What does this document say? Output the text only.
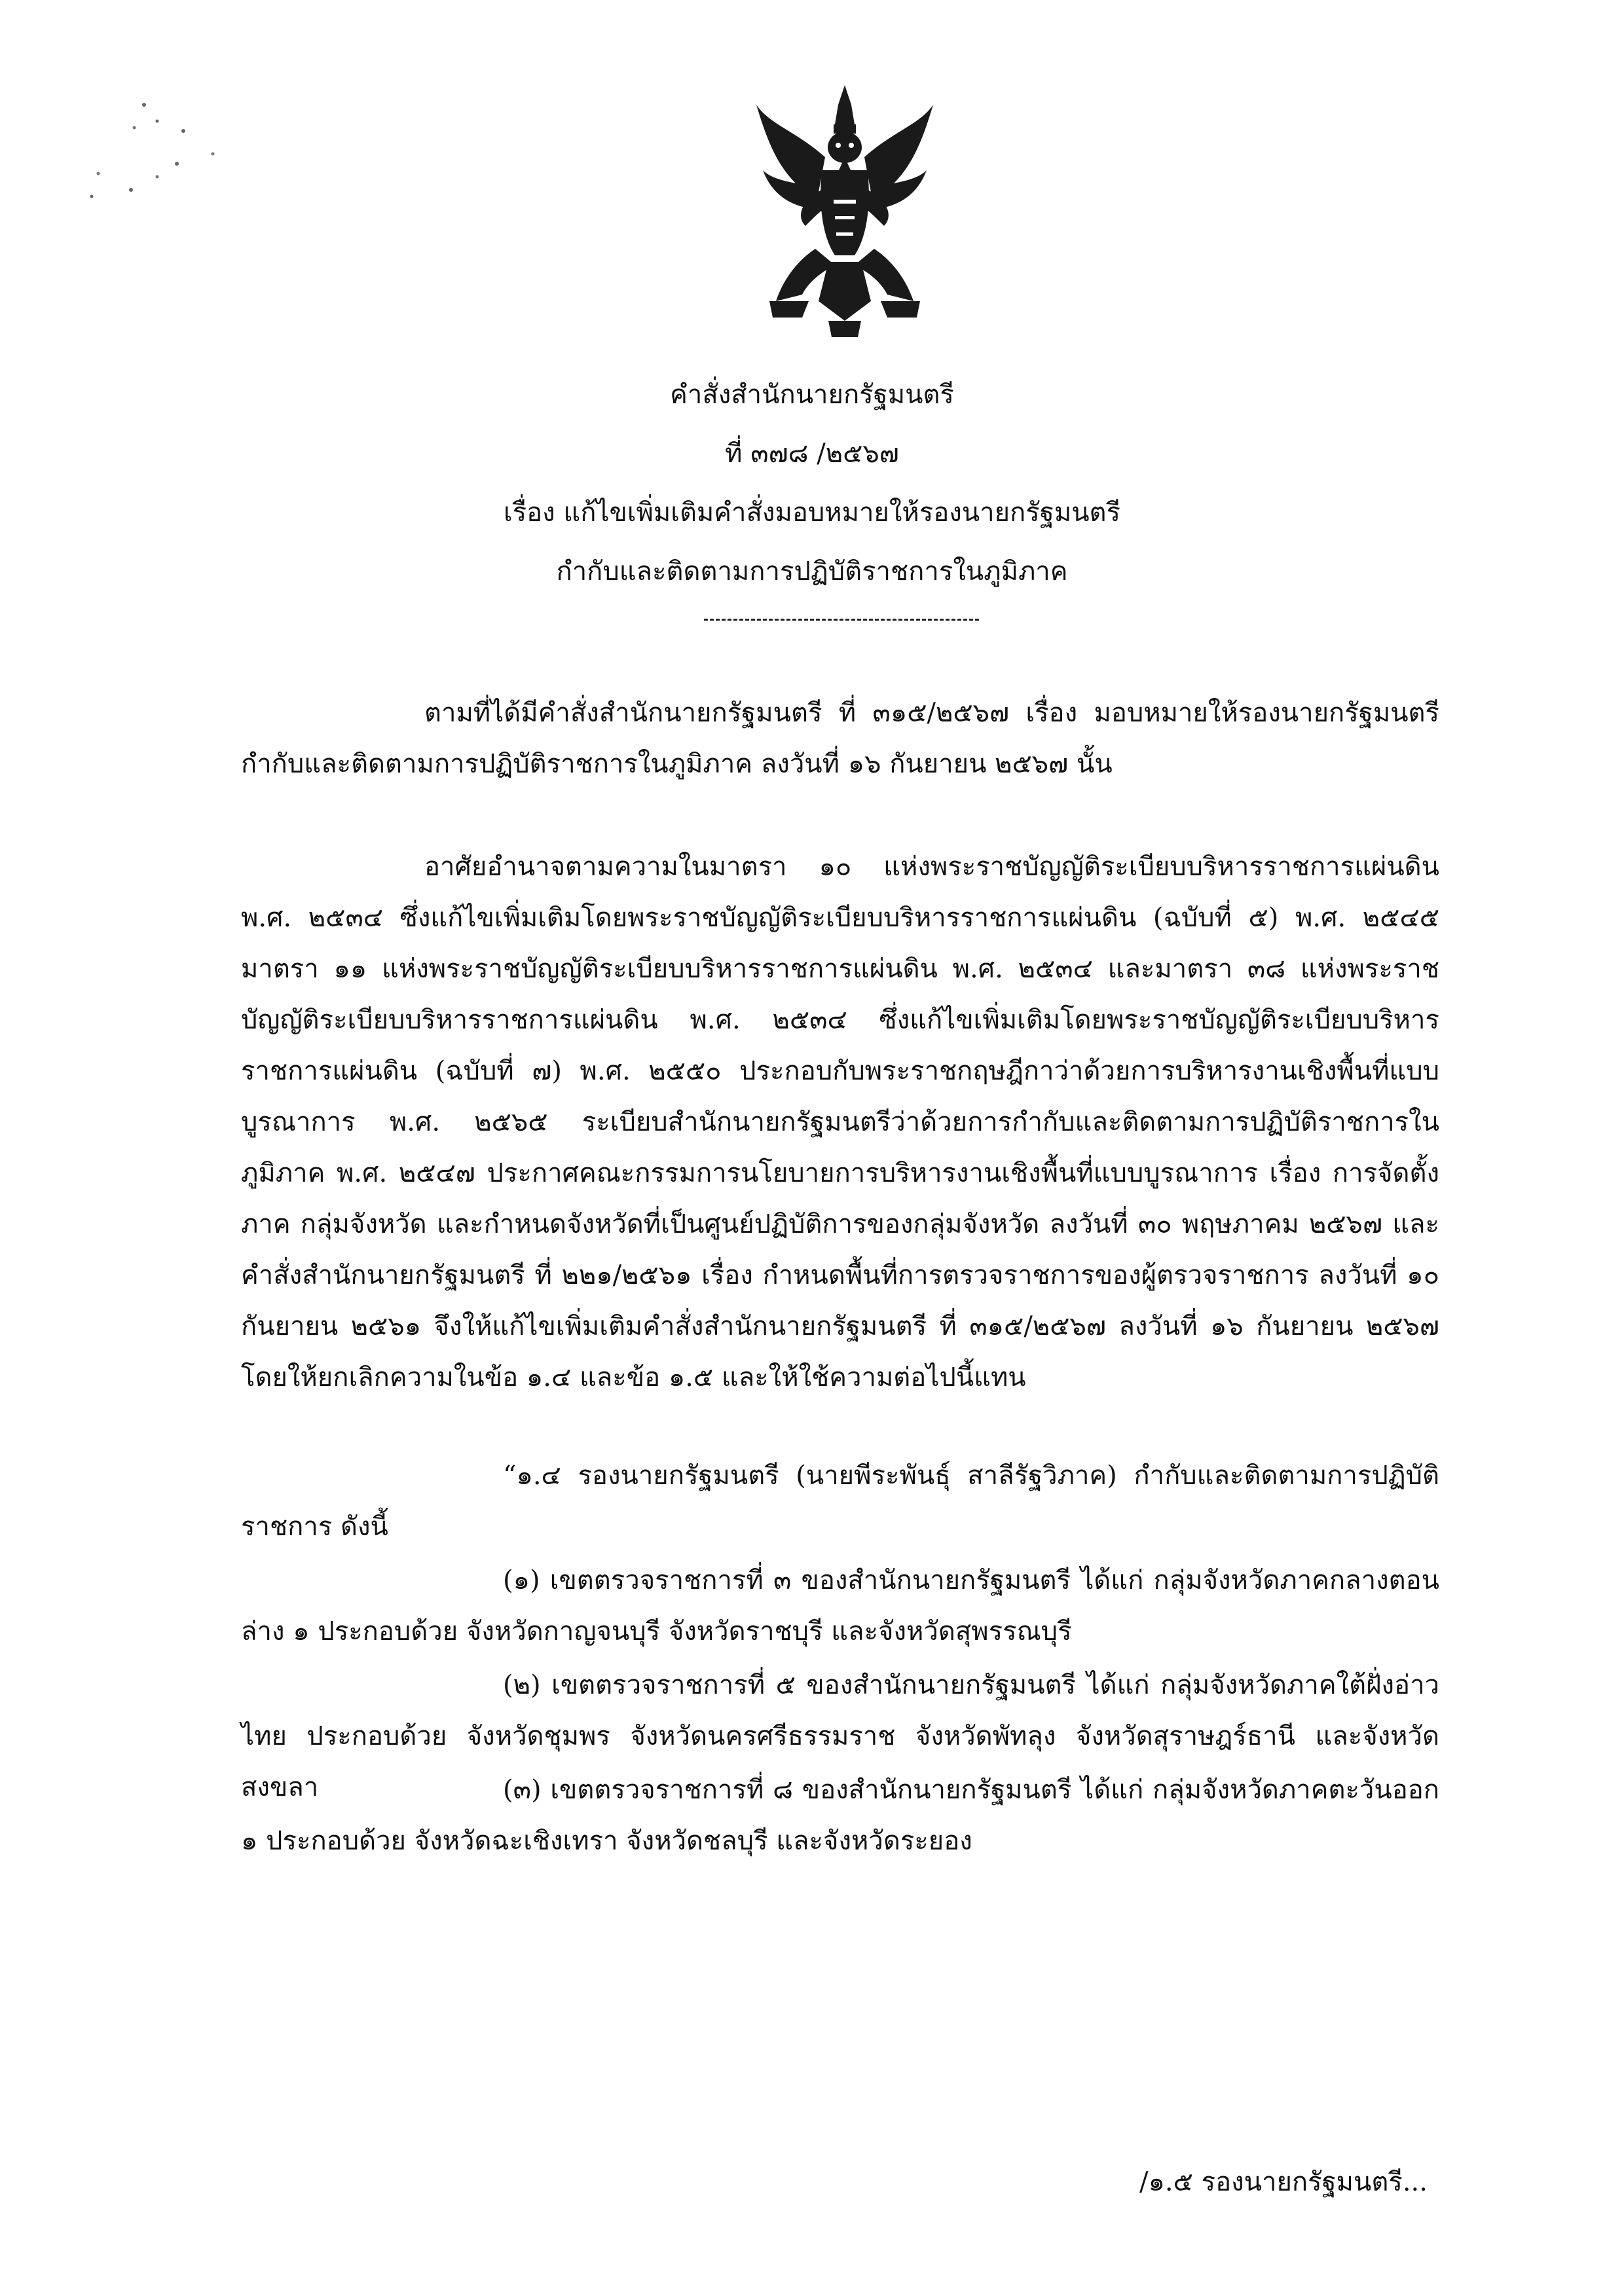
คำสั่งสำนักนายกรัฐมนตรี
ที่ ๓๗๘ /๒๕๖๗
เรื่อง แก้ไขเพิ่มเติมคำสั่งมอบหมายให้รองนายกรัฐมนตรี
กำกับและติดตามการปฏิบัติราชการในภูมิภาค

ตามที่ได้มีคำสั่งสำนักนายกรัฐมนตรี ที่ ๓๑๕/๒๕๖๗ เรื่อง มอบหมายให้รองนายกรัฐมนตรี กำกับและติดตามการปฏิบัติราชการในภูมิภาค ลงวันที่ ๑๖ กันยายน ๒๕๖๗ นั้น

อาศัยอำนาจตามความในมาตรา ๑๐ แห่งพระราชบัญญัติระเบียบบริหารราชการแผ่นดิน พ.ศ. ๒๕๓๔ ซึ่งแก้ไขเพิ่มเติมโดยพระราชบัญญัติระเบียบบริหารราชการแผ่นดิน (ฉบับที่ ๕) พ.ศ. ๒๕๔๕ มาตรา ๑๑ แห่งพระราชบัญญัติระเบียบบริหารราชการแผ่นดิน พ.ศ. ๒๕๓๔ และมาตรา ๓๘ แห่งพระราชบัญญัติระเบียบบริหารราชการแผ่นดิน พ.ศ. ๒๕๓๔ ซึ่งแก้ไขเพิ่มเติมโดยพระราชบัญญัติระเบียบบริหารราชการแผ่นดิน (ฉบับที่ ๗) พ.ศ. ๒๕๕๐ ประกอบกับพระราชกฤษฎีกาว่าด้วยการบริหารงานเชิงพื้นที่แบบบูรณาการ พ.ศ. ๒๕๖๕ ระเบียบสำนักนายกรัฐมนตรีว่าด้วยการกำกับและติดตามการปฏิบัติราชการในภูมิภาค พ.ศ. ๒๕๔๗ ประกาศคณะกรรมการนโยบายการบริหารงานเชิงพื้นที่แบบบูรณาการ เรื่อง การจัดตั้งภาค กลุ่มจังหวัด และกำหนดจังหวัดที่เป็นศูนย์ปฏิบัติการของกลุ่มจังหวัด ลงวันที่ ๓๐ พฤษภาคม ๒๕๖๗ และคำสั่งสำนักนายกรัฐมนตรี ที่ ๒๒๑/๒๕๖๑ เรื่อง กำหนดพื้นที่การตรวจราชการของผู้ตรวจราชการ ลงวันที่ ๑๐ กันยายน ๒๕๖๑ จึงให้แก้ไขเพิ่มเติมคำสั่งสำนักนายกรัฐมนตรี ที่ ๓๑๕/๒๕๖๗ ลงวันที่ ๑๖ กันยายน ๒๕๖๗ โดยให้ยกเลิกความในข้อ ๑.๔ และข้อ ๑.๕ และให้ใช้ความต่อไปนี้แทน

“๑.๔ รองนายกรัฐมนตรี (นายพีระพันธุ์ สาลีรัฐวิภาค) กำกับและติดตามการปฏิบัติราชการ ดังนี้

(๑) เขตตรวจราชการที่ ๓ ของสำนักนายกรัฐมนตรี ได้แก่ กลุ่มจังหวัดภาคกลางตอนล่าง ๑ ประกอบด้วย จังหวัดกาญจนบุรี จังหวัดราชบุรี และจังหวัดสุพรรณบุรี

(๒) เขตตรวจราชการที่ ๕ ของสำนักนายกรัฐมนตรี ได้แก่ กลุ่มจังหวัดภาคใต้ฝั่งอ่าวไทย ประกอบด้วย จังหวัดชุมพร จังหวัดนครศรีธรรมราช จังหวัดพัทลุง จังหวัดสุราษฎร์ธานี และจังหวัดสงขลา	(๓) เขตตรวจราชการที่ ๘ ของสำนักนายกรัฐมนตรี ได้แก่ กลุ่มจังหวัดภาคตะวันออก ๑ ประกอบด้วย จังหวัดฉะเชิงเทรา จังหวัดชลบุรี และจังหวัดระยอง

/๑.๕ รองนายกรัฐมนตรี...
